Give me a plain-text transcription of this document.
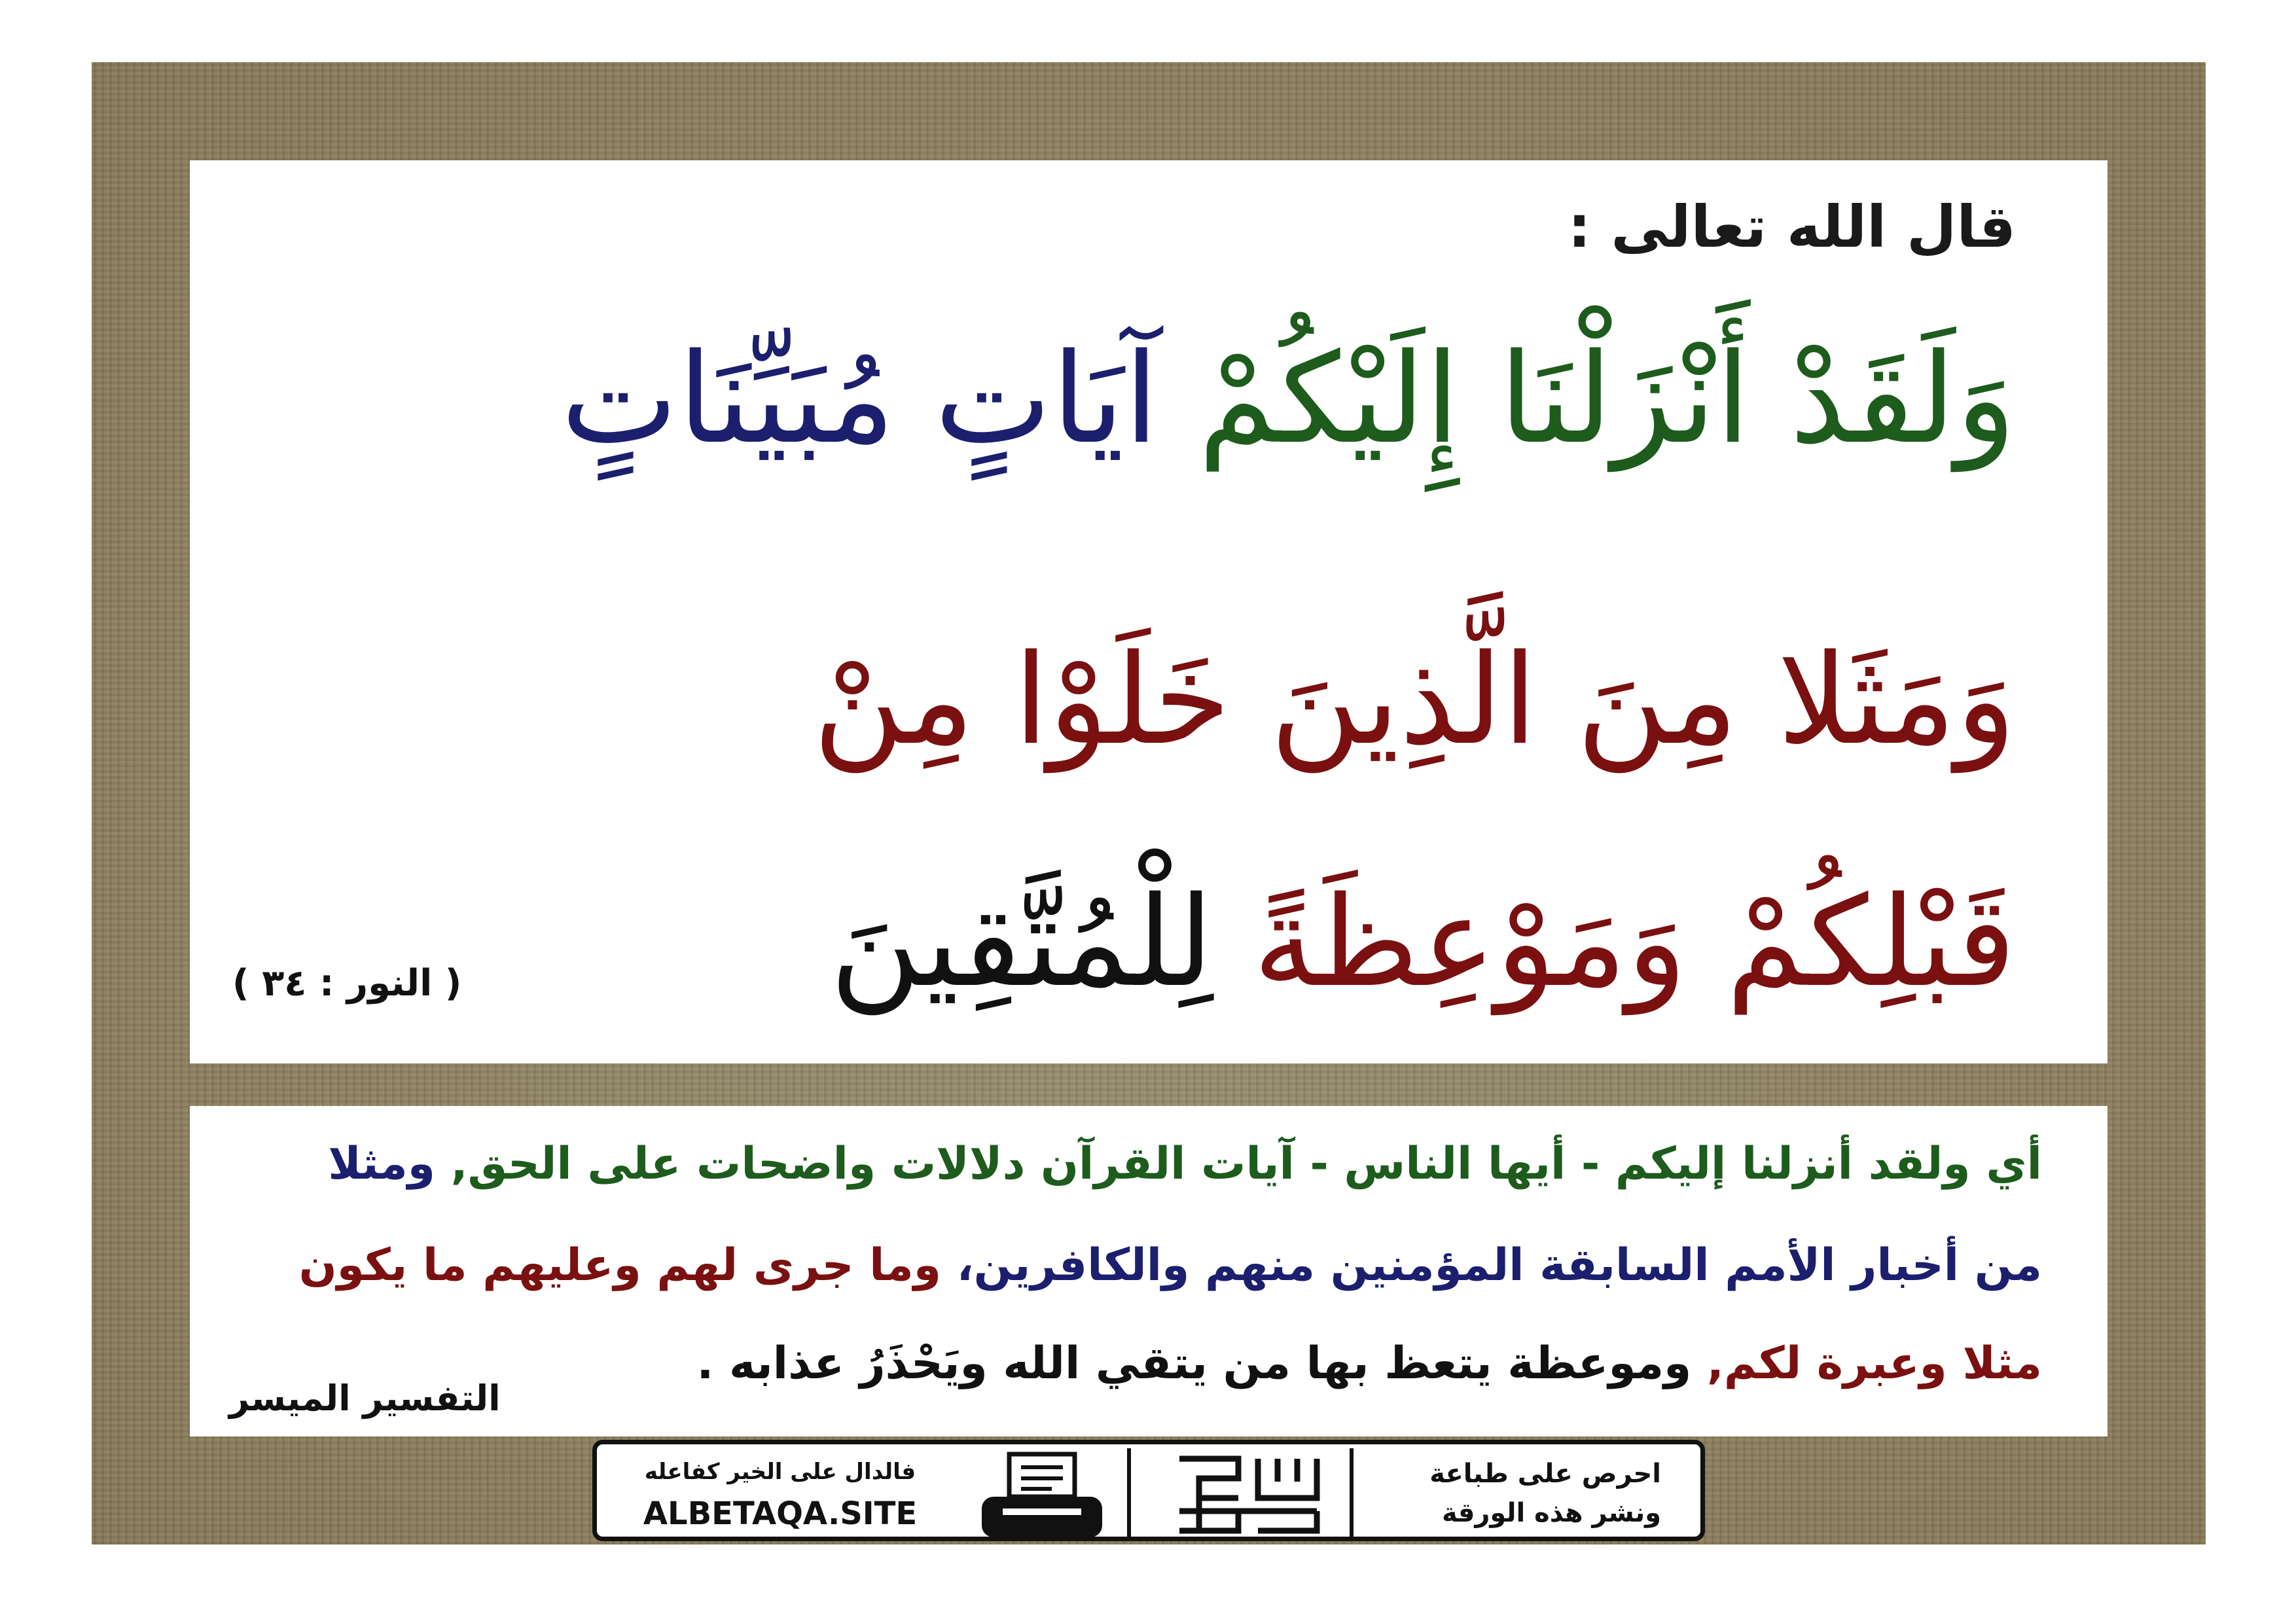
قال الله تعالى :
وَلَقَدْ أَنْزَلْنَا إِلَيْكُمْ آيَاتٍ مُبَيِّنَاتٍ
وَمَثَلا مِنَ الَّذِينَ خَلَوْا مِنْ
قَبْلِكُمْ وَمَوْعِظَةً لِلْمُتَّقِينَ
( النور : ٣٤ )
أي ولقد أنزلنا إليكم - أيها الناس - آيات القرآن دلالات واضحات على الحق, ومثلا
من أخبار الأمم السابقة المؤمنين منهم والكافرين، وما جرى لهم وعليهم ما يكون
مثلا وعبرة لكم, وموعظة يتعظ بها من يتقي الله ويَحْذَرُ عذابه .
التفسير الميسر
فالدال على الخير كفاعله
ALBETAQA.SITE
احرص على طباعة
ونشر هذه الورقة
